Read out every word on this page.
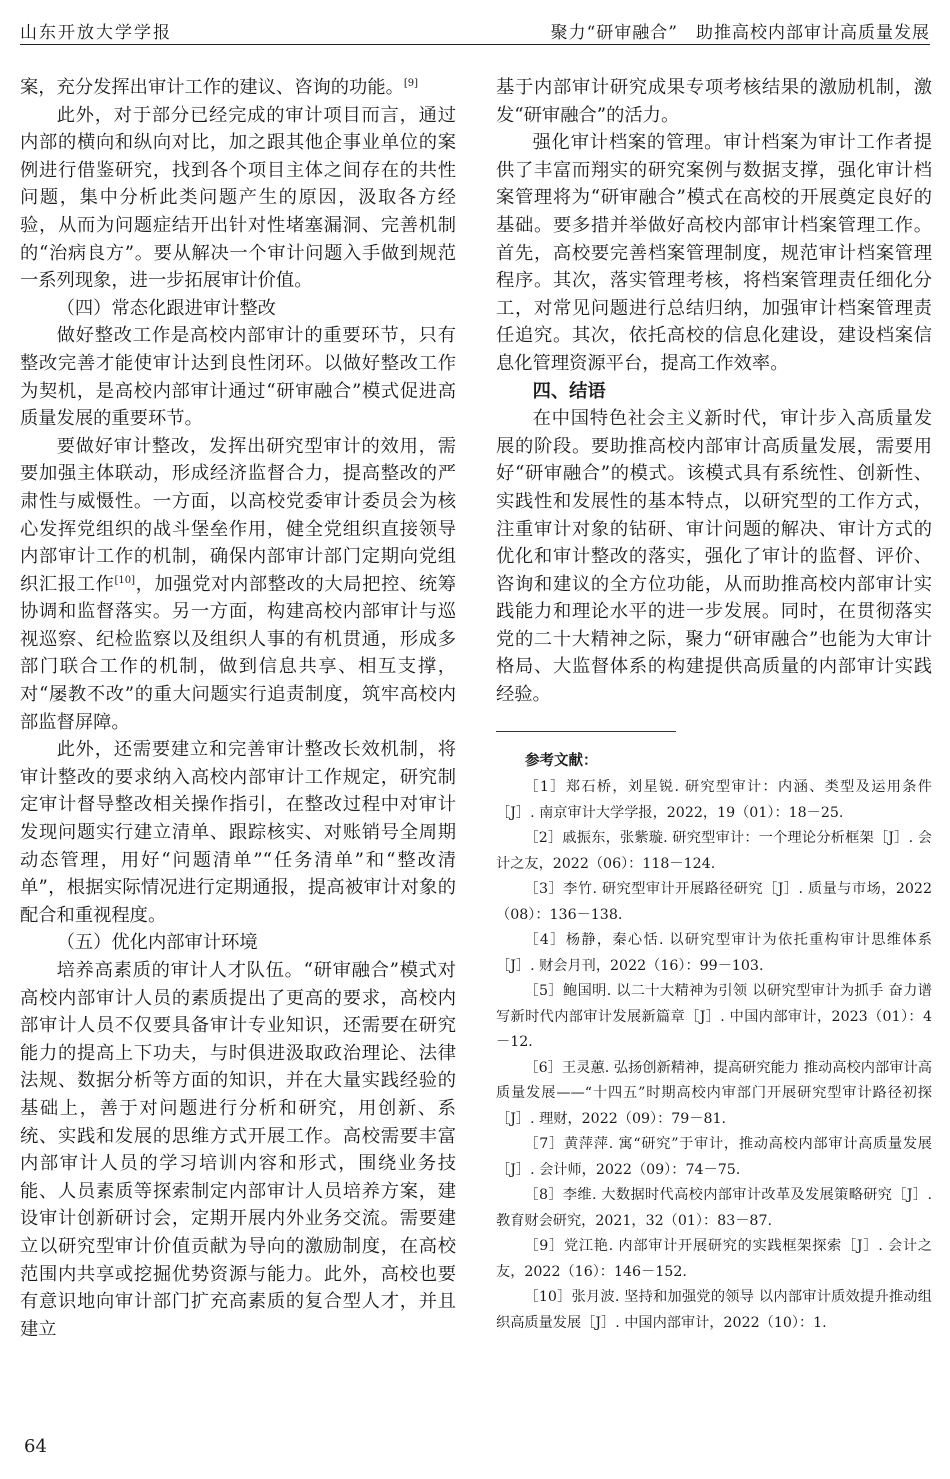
山东开放大学学报	聚力“研审融合”　助推高校内部审计高质量发展

案，充分发挥出审计工作的建议、咨询的功能。[9]

此外，对于部分已经完成的审计项目而言，通过内部的横向和纵向对比，加之跟其他企事业单位的案例进行借鉴研究，找到各个项目主体之间存在的共性问题，集中分析此类问题产生的原因，汲取各方经验，从而为问题症结开出针对性堵塞漏洞、完善机制的“治病良方”。要从解决一个审计问题入手做到规范一系列现象，进一步拓展审计价值。

（四）常态化跟进审计整改

做好整改工作是高校内部审计的重要环节，只有整改完善才能使审计达到良性闭环。以做好整改工作为契机，是高校内部审计通过“研审融合”模式促进高质量发展的重要环节。

要做好审计整改，发挥出研究型审计的效用，需要加强主体联动，形成经济监督合力，提高整改的严肃性与威慑性。一方面，以高校党委审计委员会为核心发挥党组织的战斗堡垒作用，健全党组织直接领导内部审计工作的机制，确保内部审计部门定期向党组织汇报工作[10]，加强党对内部整改的大局把控、统筹协调和监督落实。另一方面，构建高校内部审计与巡视巡察、纪检监察以及组织人事的有机贯通，形成多部门联合工作的机制，做到信息共享、相互支撑，对“屡教不改”的重大问题实行追责制度，筑牢高校内部监督屏障。

此外，还需要建立和完善审计整改长效机制，将审计整改的要求纳入高校内部审计工作规定，研究制定审计督导整改相关操作指引，在整改过程中对审计发现问题实行建立清单、跟踪核实、对账销号全周期动态管理，用好“问题清单”“任务清单”和“整改清单”，根据实际情况进行定期通报，提高被审计对象的配合和重视程度。

（五）优化内部审计环境

培养高素质的审计人才队伍。“研审融合”模式对高校内部审计人员的素质提出了更高的要求，高校内部审计人员不仅要具备审计专业知识，还需要在研究能力的提高上下功夫，与时俱进汲取政治理论、法律法规、数据分析等方面的知识，并在大量实践经验的基础上，善于对问题进行分析和研究，用创新、系统、实践和发展的思维方式开展工作。高校需要丰富内部审计人员的学习培训内容和形式，围绕业务技能、人员素质等探索制定内部审计人员培养方案，建设审计创新研讨会，定期开展内外业务交流。需要建立以研究型审计价值贡献为导向的激励制度，在高校范围内共享或挖掘优势资源与能力。此外，高校也要有意识地向审计部门扩充高素质的复合型人才，并且建立

基于内部审计研究成果专项考核结果的激励机制，激发“研审融合”的活力。

强化审计档案的管理。审计档案为审计工作者提供了丰富而翔实的研究案例与数据支撑，强化审计档案管理将为“研审融合”模式在高校的开展奠定良好的基础。要多措并举做好高校内部审计档案管理工作。首先，高校要完善档案管理制度，规范审计档案管理程序。其次，落实管理考核，将档案管理责任细化分工，对常见问题进行总结归纳，加强审计档案管理责任追究。其次，依托高校的信息化建设，建设档案信息化管理资源平台，提高工作效率。

四、结语

在中国特色社会主义新时代，审计步入高质量发展的阶段。要助推高校内部审计高质量发展，需要用好“研审融合”的模式。该模式具有系统性、创新性、实践性和发展性的基本特点，以研究型的工作方式，注重审计对象的钻研、审计问题的解决、审计方式的优化和审计整改的落实，强化了审计的监督、评价、咨询和建议的全方位功能，从而助推高校内部审计实践能力和理论水平的进一步发展。同时，在贯彻落实党的二十大精神之际，聚力“研审融合”也能为大审计格局、大监督体系的构建提供高质量的内部审计实践经验。

参考文献：

［1］郑石桥，刘星锐. 研究型审计：内涵、类型及运用条件［J］. 南京审计大学学报，2022，19（01）：18－25.

［2］戚振东，张紫璇. 研究型审计：一个理论分析框架［J］. 会计之友，2022（06）：118－124.

［3］李竹. 研究型审计开展路径研究［J］. 质量与市场，2022（08）：136－138.

［4］杨静，秦心恬. 以研究型审计为依托重构审计思维体系［J］. 财会月刊，2022（16）：99－103.

［5］鲍国明. 以二十大精神为引领 以研究型审计为抓手 奋力谱写新时代内部审计发展新篇章［J］. 中国内部审计，2023（01）：4－12.

［6］王灵蕙. 弘扬创新精神，提高研究能力 推动高校内部审计高质量发展——“十四五”时期高校内审部门开展研究型审计路径初探［J］. 理财，2022（09）：79－81.

［7］黄萍萍. 寓“研究”于审计，推动高校内部审计高质量发展［J］. 会计师，2022（09）：74－75.

［8］李维. 大数据时代高校内部审计改革及发展策略研究［J］. 教育财会研究，2021，32（01）：83－87.

［9］党江艳. 内部审计开展研究的实践框架探索［J］. 会计之友，2022（16）：146－152.

［10］张月波. 坚持和加强党的领导 以内部审计质效提升推动组织高质量发展［J］. 中国内部审计，2022（10）：1.

64
